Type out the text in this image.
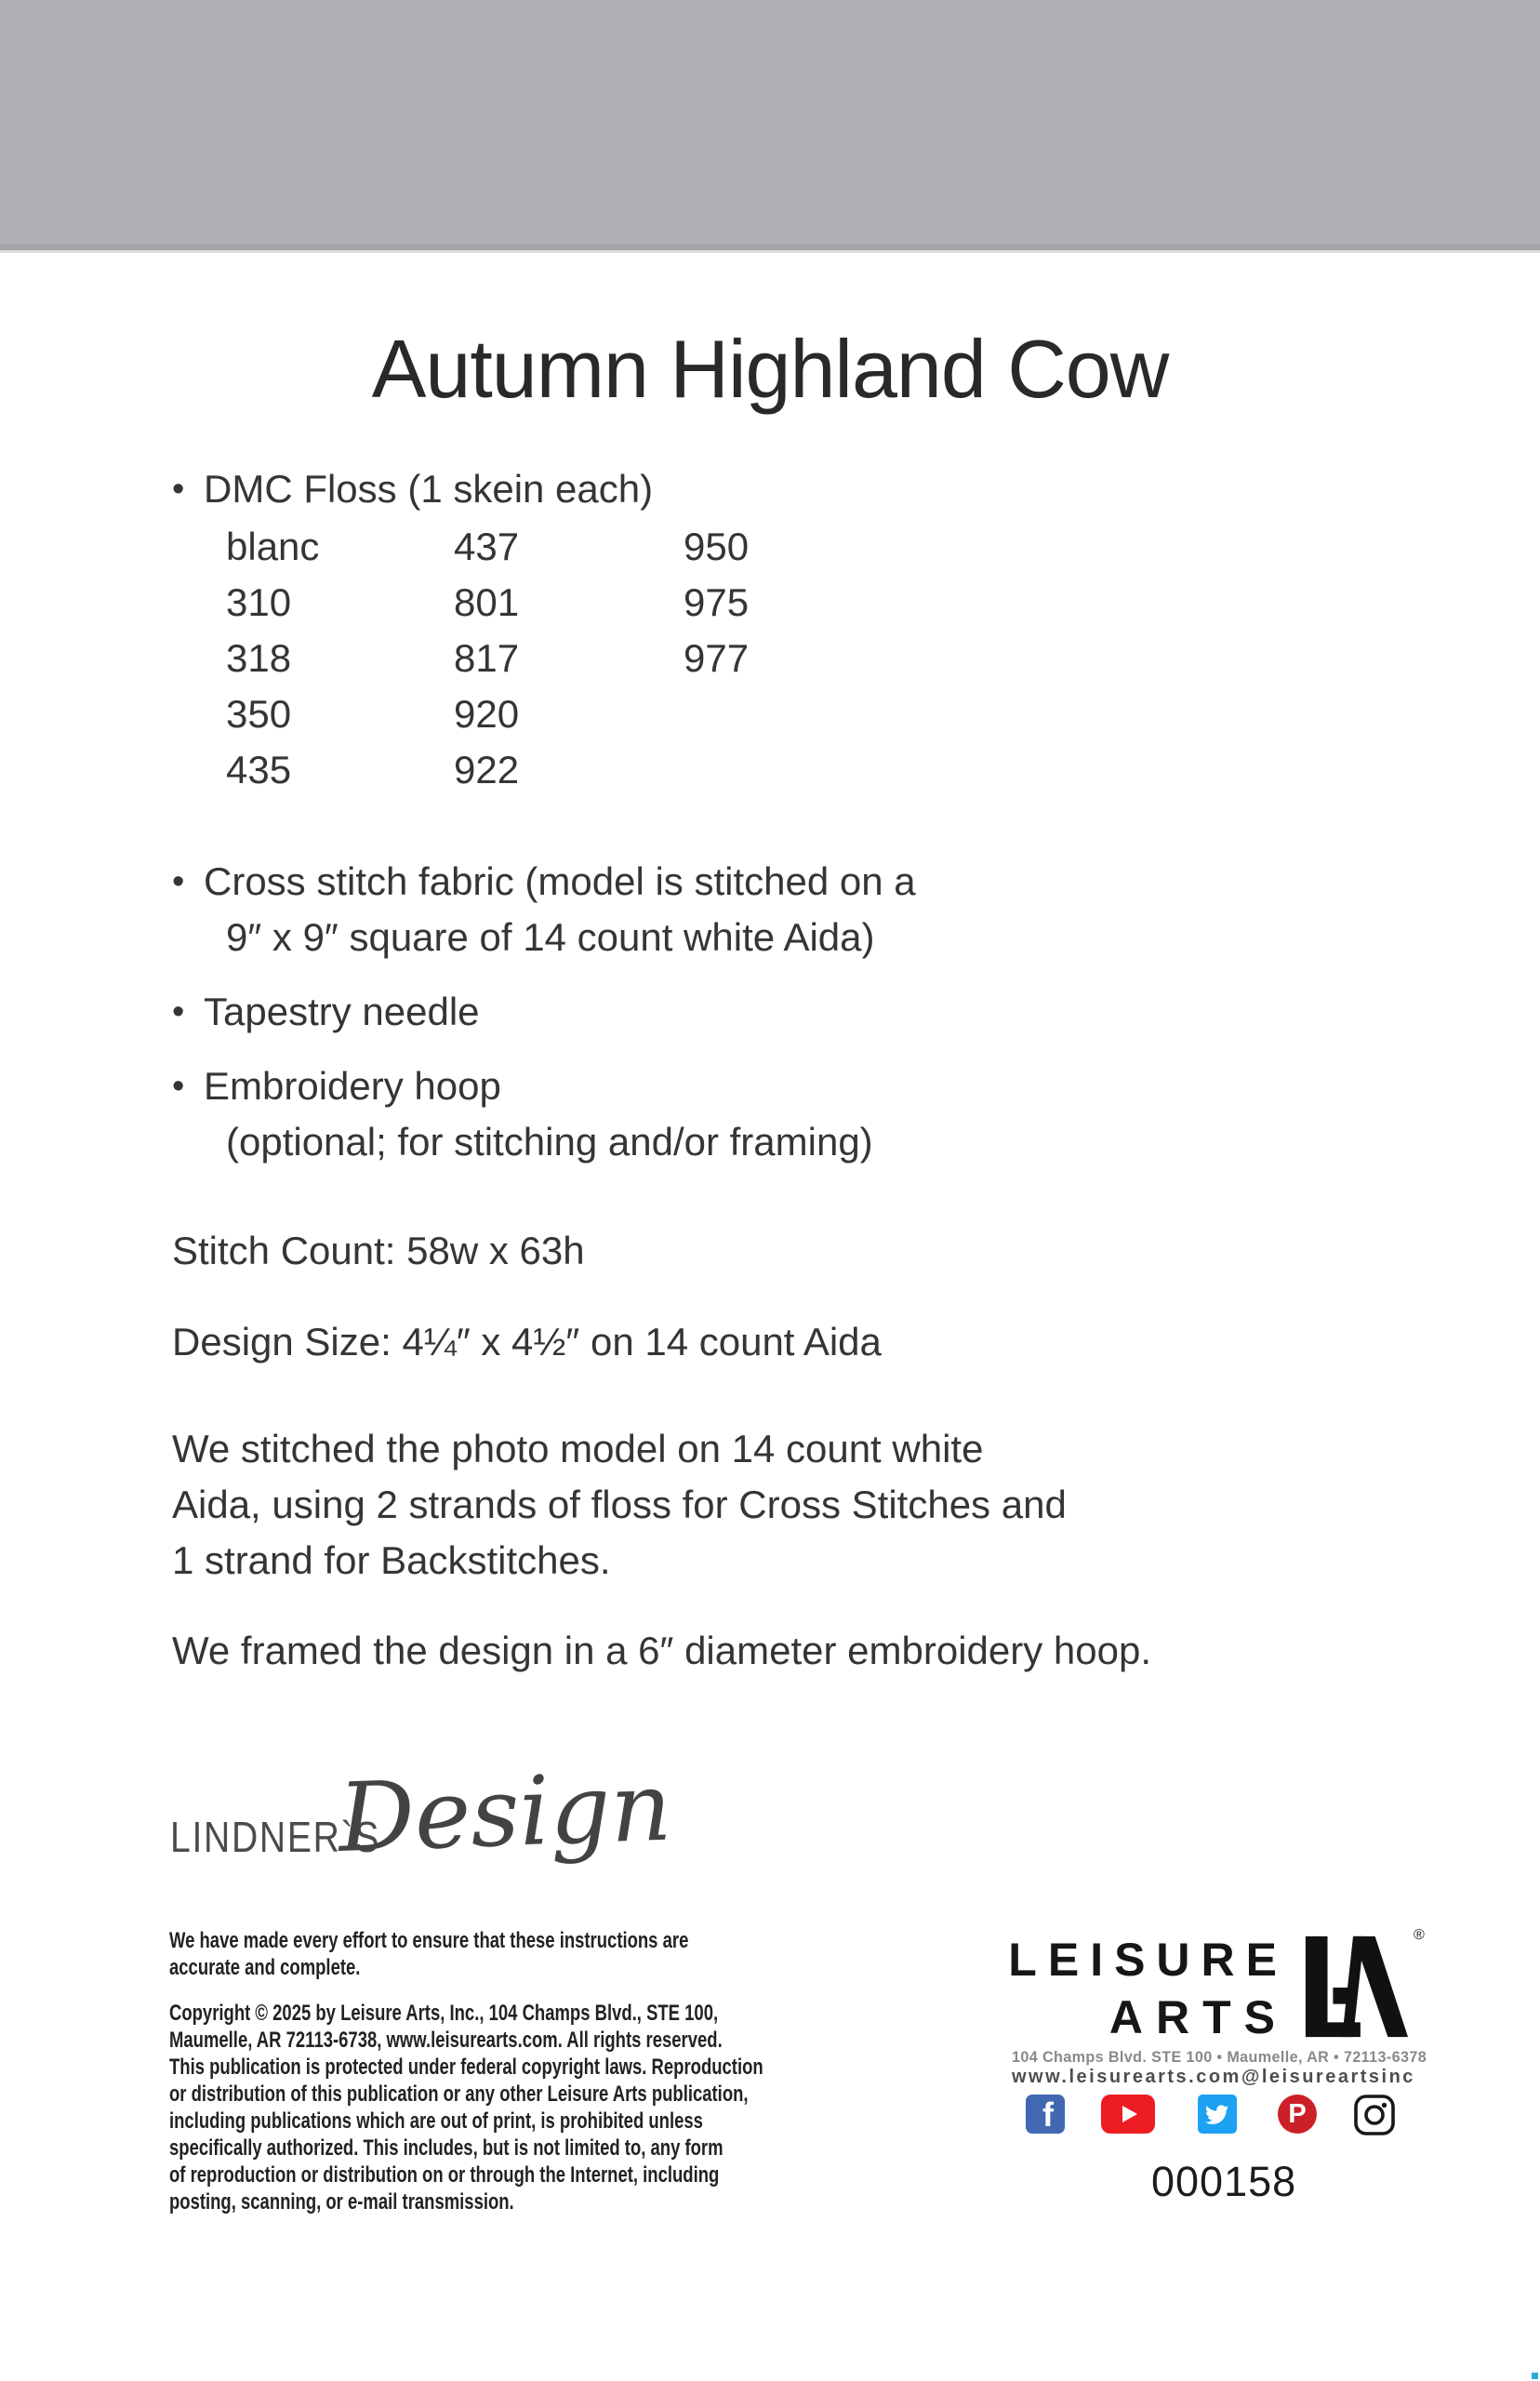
Autumn Highland Cow
• DMC Floss (1 skein each)
blanc
310
318
350
435
437
801
817
920
922
950
975
977
• Cross stitch fabric (model is stitched on a
9″ x 9″ square of 14 count white Aida)
• Tapestry needle
• Embroidery hoop
(optional; for stitching and/or framing)
Stitch Count: 58w x 63h
Design Size: 4¼″ x 4½″ on 14 count Aida
We stitched the photo model on 14 count white
Aida, using 2 strands of floss for Cross Stitches and
1 strand for Backstitches.
We framed the design in a 6″ diameter embroidery hoop.
LINDNER`S
Design
We have made every effort to ensure that these instructions are
accurate and complete.
Copyright © 2025 by Leisure Arts, Inc., 104 Champs Blvd., STE 100,
Maumelle, AR 72113-6738, www.leisurearts.com. All rights reserved.
This publication is protected under federal copyright laws. Reproduction
or distribution of this publication or any other Leisure Arts publication,
including publications which are out of print, is prohibited unless
specifically authorized. This includes, but is not limited to, any form
of reproduction or distribution on or through the Internet, including
posting, scanning, or e-mail transmission.
LEISURE
ARTS
®
104 Champs Blvd. STE 100 • Maumelle, AR • 72113-6378
www.leisurearts.com @leisureartsinc
f	P
000158
